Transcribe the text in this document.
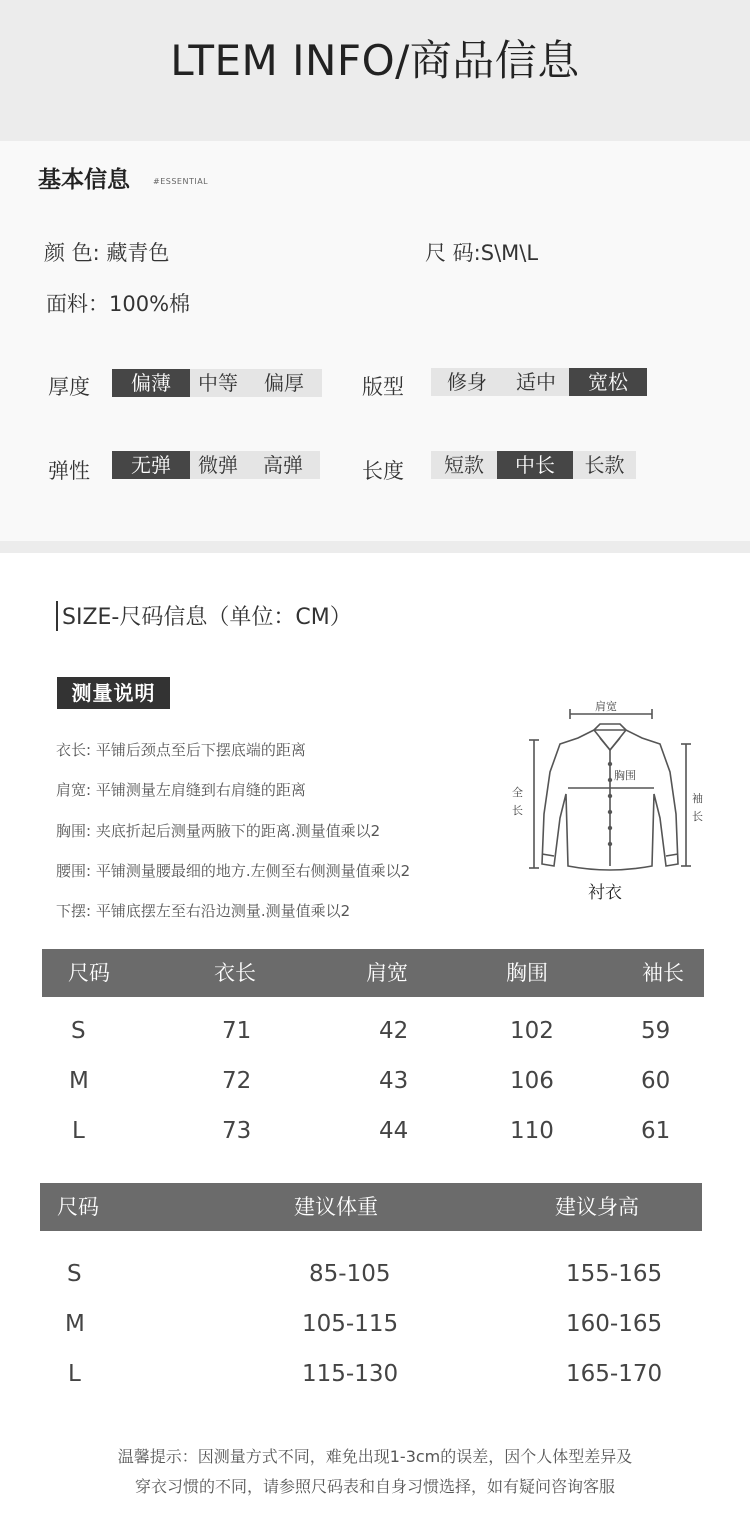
LTEM INFO/商品信息
基本信息	#ESSENTIAL
颜 色: 藏青色	尺 码:S\M\L
面料：100%棉
厚度	偏薄	中等	偏厚	版型	修身	适中	宽松
弹性	无弹	微弹	高弹	长度	短款	中长	长款
SIZE-尺码信息（单位：CM）
测量说明
衣长: 平铺后颈点至后下摆底端的距离
肩宽: 平铺测量左肩缝到右肩缝的距离
胸围: 夹底折起后测量两腋下的距离.测量值乘以2
腰围: 平铺测量腰最细的地方.左侧至右侧测量值乘以2
下摆: 平铺底摆左至右沿边测量.测量值乘以2
肩宽
胸围
全
长
袖
长
衬衣
尺码	衣长	肩宽	胸围	袖长
S	71	42	102	59
M	72	43	106	60
L	73	44	110	61
尺码	建议体重	建议身高
S	85-105	155-165
M	105-115	160-165
L	115-130	165-170
温馨提示：因测量方式不同，难免出现1-3cm的误差，因个人体型差异及
穿衣习惯的不同，请参照尺码表和自身习惯选择，如有疑问咨询客服
